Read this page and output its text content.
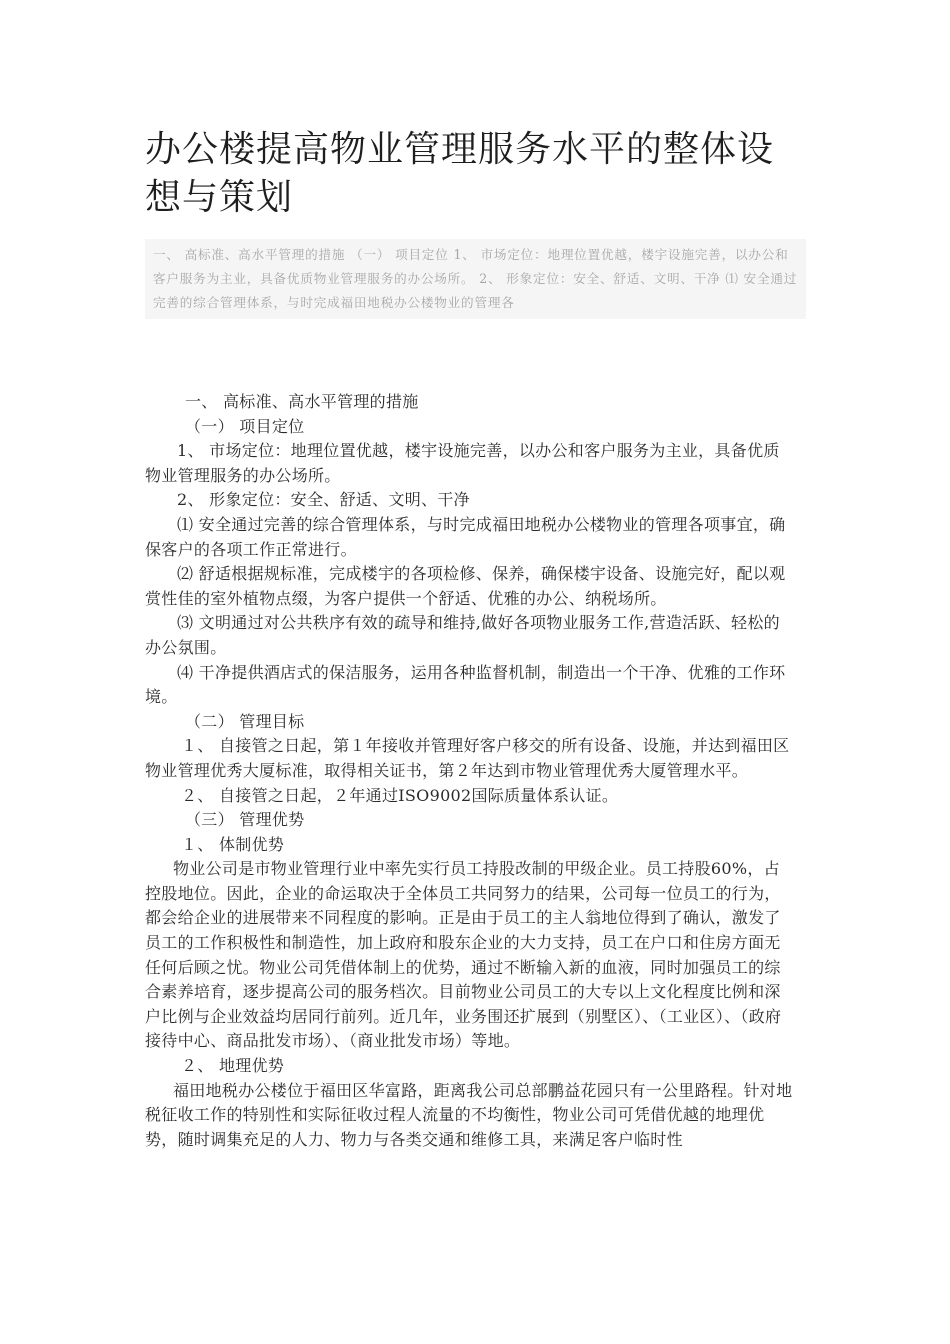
办公楼提高物业管理服务水平的整体设想与策划
一、 高标准、高水平管理的措施 （一） 项目定位 1、 市场定位：地理位置优越，楼宇设施完善，以办公和客户服务为主业，具备优质物业管理服务的办公场所。 2、 形象定位：安全、舒适、文明、干净 ⑴ 安全通过完善的综合管理体系，与时完成福田地税办公楼物业的管理各

一、 高标准、高水平管理的措施

（一） 项目定位

1、 市场定位：地理位置优越，楼宇设施完善，以办公和客户服务为主业，具备优质物业管理服务的办公场所。

2、 形象定位：安全、舒适、文明、干净

⑴ 安全通过完善的综合管理体系，与时完成福田地税办公楼物业的管理各项事宜，确保客户的各项工作正常进行。

⑵ 舒适根据规标准，完成楼宇的各项检修、保养，确保楼宇设备、设施完好，配以观赏性佳的室外植物点缀，为客户提供一个舒适、优雅的办公、纳税场所。

⑶ 文明通过对公共秩序有效的疏导和维持,做好各项物业服务工作,营造活跃、轻松的办公氛围。

⑷ 干净提供酒店式的保洁服务，运用各种监督机制，制造出一个干净、优雅的工作环境。

（二） 管理目标

１、 自接管之日起，第１年接收并管理好客户移交的所有设备、设施，并达到福田区物业管理优秀大厦标准，取得相关证书，第２年达到市物业管理优秀大厦管理水平。

２、 自接管之日起，２年通过ISO9002国际质量体系认证。

（三） 管理优势

１、 体制优势

物业公司是市物业管理行业中率先实行员工持股改制的甲级企业。员工持股60%，占控股地位。因此，企业的命运取决于全体员工共同努力的结果，公司每一位员工的行为，都会给企业的进展带来不同程度的影响。正是由于员工的主人翁地位得到了确认，激发了员工的工作积极性和制造性，加上政府和股东企业的大力支持，员工在户口和住房方面无任何后顾之忧。物业公司凭借体制上的优势，通过不断输入新的血液，同时加强员工的综合素养培育，逐步提高公司的服务档次。目前物业公司员工的大专以上文化程度比例和深户比例与企业效益均居同行前列。近几年，业务围还扩展到（别墅区）、（工业区）、（政府接待中心、商品批发市场）、（商业批发市场）等地。

２、 地理优势

福田地税办公楼位于福田区华富路，距离我公司总部鹏益花园只有一公里路程。针对地税征收工作的特别性和实际征收过程人流量的不均衡性，物业公司可凭借优越的地理优势，随时调集充足的人力、物力与各类交通和维修工具，来满足客户临时性
